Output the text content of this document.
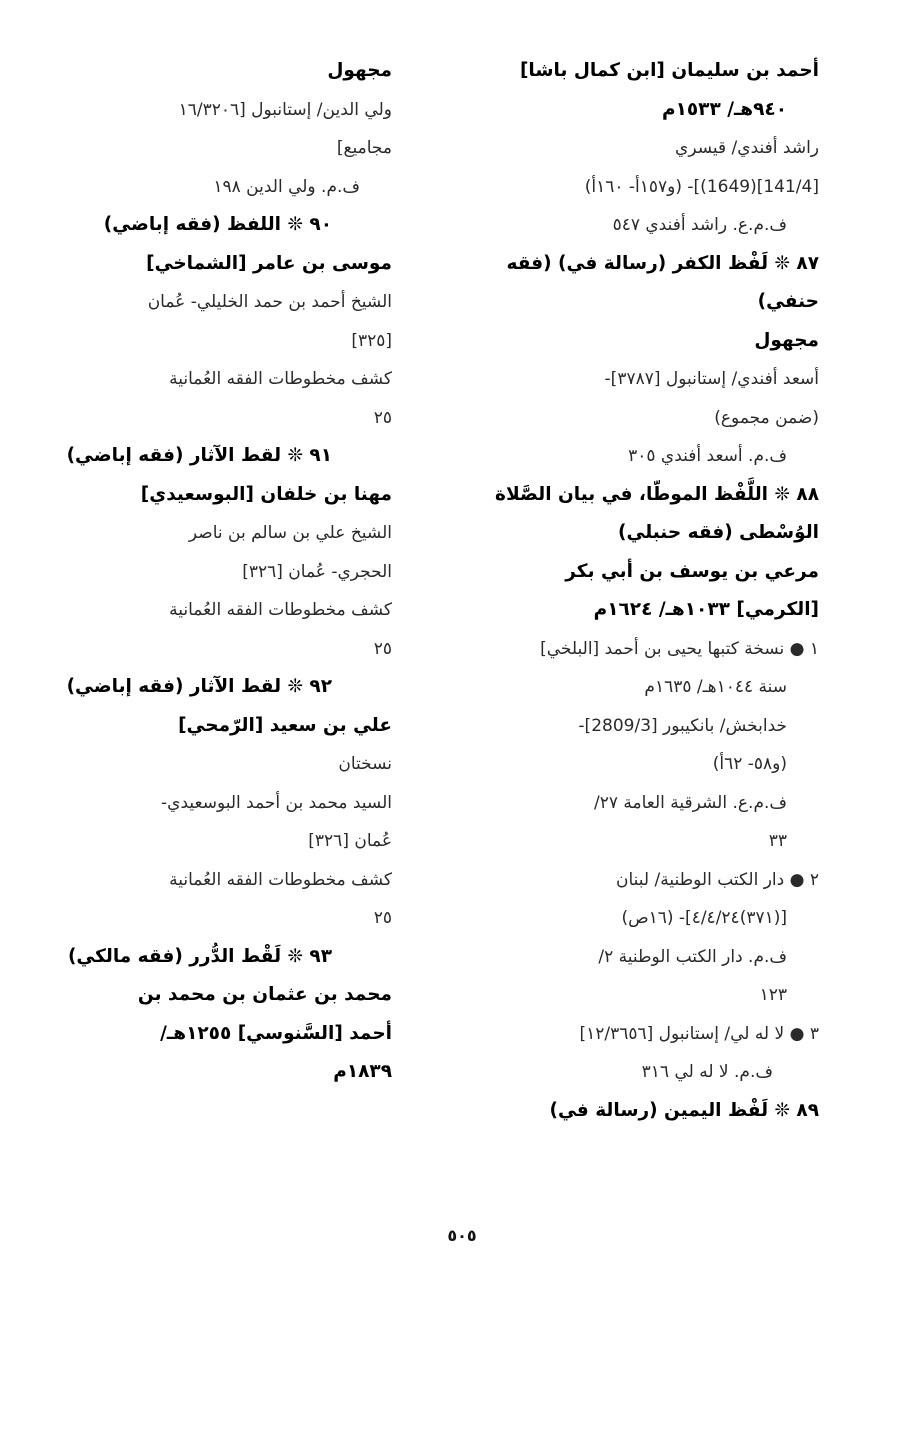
أحمد بن سليمان [ابن كمال باشا]
٩٤٠هـ/ ١٥٣٣م
راشد أفندي/ قيسري
[141/4](1649)]- (و١٥٧أ- ١٦٠أ)
ف.م.ع. راشد أفندي ٥٤٧
٨٧ ❊ لَفْظ الكفر (رسالة في) (فقه
حنفي)
مجهول
أسعد أفندي/ إستانبول [٣٧٨٧]-
(ضمن مجموع)
ف.م. أسعد أفندي ٣٠٥
٨٨ ❊ اللَّفْظ الموطّا، في بيان الصَّلاة
الوُسْطى (فقه حنبلي)
مرعي بن يوسف بن أبي بكر
[الكرمي] ١٠٣٣هـ/ ١٦٢٤م
١ ● نسخة كتبها يحيى بن أحمد [البلخي]
سنة ١٠٤٤هـ/ ١٦٣٥م
خدابخش/ بانكيبور [2809/3]-
(و٥٨- ٦٢أ)
ف.م.ع. الشرقية العامة ٢٧/
٣٣
٢ ● دار الكتب الوطنية/ لبنان
[(٣٧١)٤/٤/٢٤]- (١٦ص)
ف.م. دار الكتب الوطنية ٢/
١٢٣
٣ ● لا له لي/ إستانبول [١٢/٣٦٥٦]
ف.م. لا له لي ٣١٦
٨٩ ❊ لَفْظ اليمين (رسالة في)
مجهول
ولي الدين/ إستانبول [١٦/٣٢٠٦
مجاميع]
ف.م. ولي الدين ١٩٨
٩٠ ❊ اللفظ (فقه إباضي)
موسى بن عامر [الشماخي]
الشيخ أحمد بن حمد الخليلي- عُمان
[٣٢٥]
كشف مخطوطات الفقه العُمانية
٢٥
٩١ ❊ لقط الآثار (فقه إباضي)
مهنا بن خلفان [البوسعيدي]
الشيخ علي بن سالم بن ناصر
الحجري- عُمان [٣٢٦]
كشف مخطوطات الفقه العُمانية
٢٥
٩٢ ❊ لقط الآثار (فقه إباضي)
علي بن سعيد [الرّمحي]
نسختان
السيد محمد بن أحمد البوسعيدي-
عُمان [٣٢٦]
كشف مخطوطات الفقه العُمانية
٢٥
٩٣ ❊ لَقْط الدُّرر (فقه مالكي)
محمد بن عثمان بن محمد بن
أحمد [السَّنوسي] ١٢٥٥هـ/
١٨٣٩م
٥٠٥
